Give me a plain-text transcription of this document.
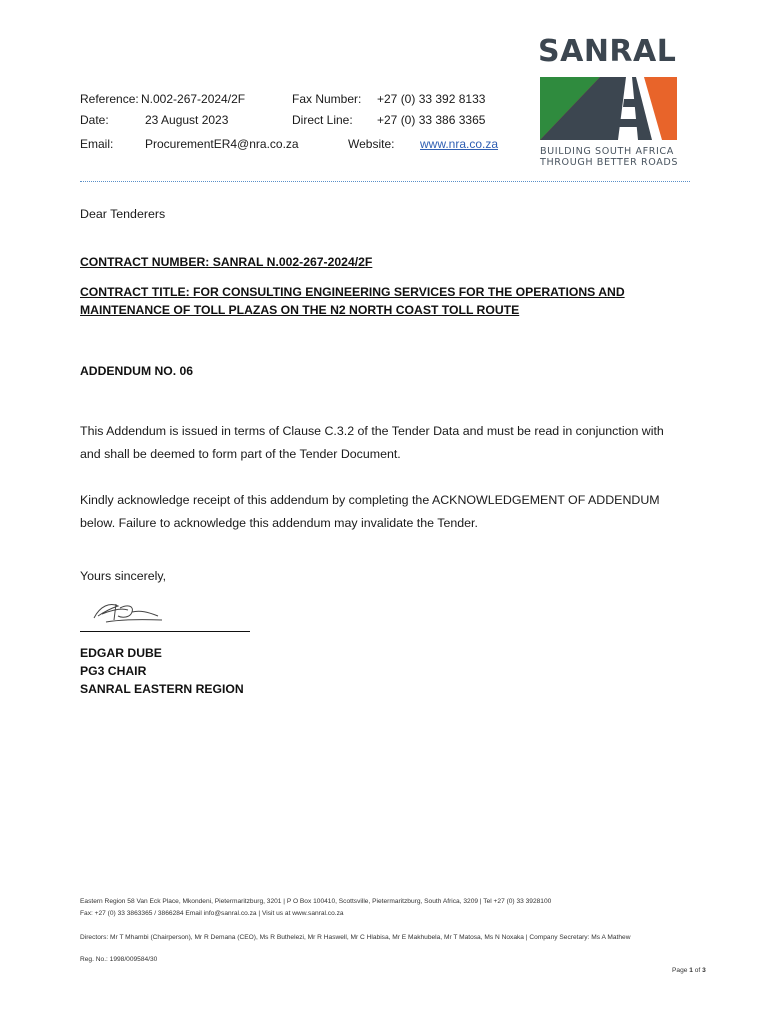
Reference: N.002-267-2024/2F
Date:	23 August 2023
Email:	ProcurementER4@nra.co.za
Fax Number: +27 (0) 33 392 8133
Direct Line: +27 (0) 33 386 3365
Website: www.nra.co.za
SANRAL
BUILDING SOUTH AFRICA
THROUGH BETTER ROADS
Dear Tenderers
CONTRACT NUMBER: SANRAL N.002-267-2024/2F
CONTRACT TITLE: FOR CONSULTING ENGINEERING SERVICES FOR THE OPERATIONS AND
MAINTENANCE OF TOLL PLAZAS ON THE N2 NORTH COAST TOLL ROUTE
ADDENDUM NO. 06
This Addendum is issued in terms of Clause C.3.2 of the Tender Data and must be read in conjunction with
and shall be deemed to form part of the Tender Document.
Kindly acknowledge receipt of this addendum by completing the ACKNOWLEDGEMENT OF ADDENDUM
below. Failure to acknowledge this addendum may invalidate the Tender.
Yours sincerely,
EDGAR DUBE
PG3 CHAIR
SANRAL EASTERN REGION
Eastern Region 58 Van Eck Place, Mkondeni, Pietermaritzburg, 3201 | P O Box 100410, Scottsville, Pietermaritzburg, South Africa, 3209 | Tel +27 (0) 33 3928100
Fax: +27 (0) 33 3863365 / 3866284 Email info@sanral.co.za | Visit us at www.sanral.co.za
Directors: Mr T Mhambi (Chairperson), Mr R Demana (CEO), Ms R Buthelezi, Mr R Haswell, Mr C Hlabisa, Mr E Makhubela, Mr T Matosa, Ms N Noxaka | Company Secretary: Ms A Mathew
Reg. No.: 1998/009584/30
Page 1 of 3
